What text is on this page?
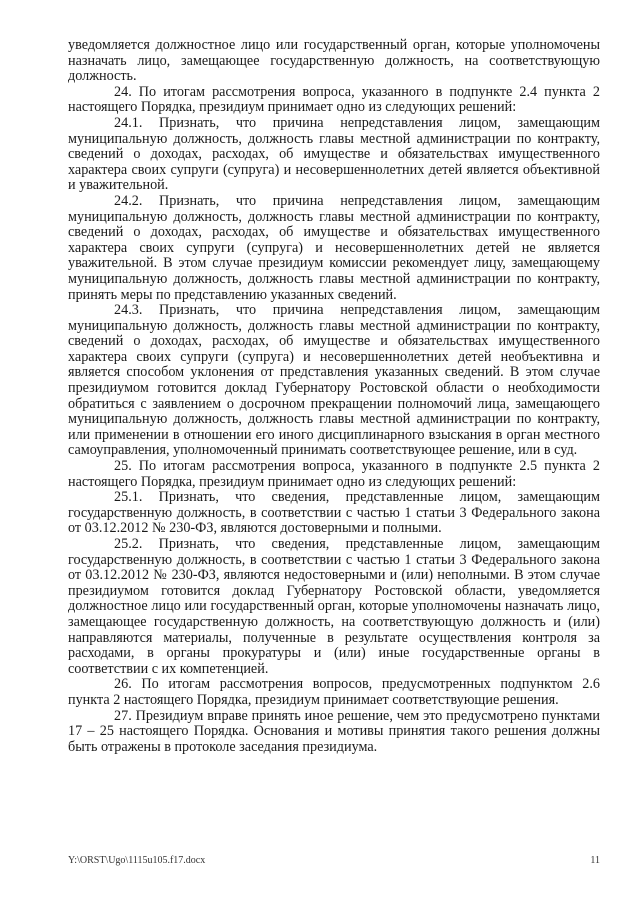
уведомляется должностное лицо или государственный орган, которые уполномочены назначать лицо, замещающее государственную должность, на соответствующую должность.

24. По итогам рассмотрения вопроса, указанного в подпункте 2.4 пункта 2 настоящего Порядка, президиум принимает одно из следующих решений:

24.1. Признать, что причина непредставления лицом, замещающим муниципальную должность, должность главы местной администрации по контракту, сведений о доходах, расходах, об имуществе и обязательствах имущественного характера своих супруги (супруга) и несовершеннолетних детей является объективной и уважительной.

24.2. Признать, что причина непредставления лицом, замещающим муниципальную должность, должность главы местной администрации по контракту, сведений о доходах, расходах, об имуществе и обязательствах имущественного характера своих супруги (супруга) и несовершеннолетних детей не является уважительной. В этом случае президиум комиссии рекомендует лицу, замещающему муниципальную должность, должность главы местной администрации по контракту, принять меры по представлению указанных сведений.

24.3. Признать, что причина непредставления лицом, замещающим муниципальную должность, должность главы местной администрации по контракту, сведений о доходах, расходах, об имуществе и обязательствах имущественного характера своих супруги (супруга) и несовершеннолетних детей необъективна и является способом уклонения от представления указанных сведений. В этом случае президиумом готовится доклад Губернатору Ростовской области о необходимости обратиться с заявлением о досрочном прекращении полномочий лица, замещающего муниципальную должность, должность главы местной администрации по контракту, или применении в отношении его иного дисциплинарного взыскания в орган местного самоуправления, уполномоченный принимать соответствующее решение, или в суд.

25. По итогам рассмотрения вопроса, указанного в подпункте 2.5 пункта 2 настоящего Порядка, президиум принимает одно из следующих решений:

25.1. Признать, что сведения, представленные лицом, замещающим государственную должность, в соответствии с частью 1 статьи 3 Федерального закона от 03.12.2012 № 230-ФЗ, являются достоверными и полными.

25.2. Признать, что сведения, представленные лицом, замещающим государственную должность, в соответствии с частью 1 статьи 3 Федерального закона от 03.12.2012 № 230-ФЗ, являются недостоверными и (или) неполными. В этом случае президиумом готовится доклад Губернатору Ростовской области, уведомляется должностное лицо или государственный орган, которые уполномочены назначать лицо, замещающее государственную должность, на соответствующую должность и (или) направляются материалы, полученные в результате осуществления контроля за расходами, в органы прокуратуры и (или) иные государственные органы в соответствии с их компетенцией.

26. По итогам рассмотрения вопросов, предусмотренных подпунктом 2.6 пункта 2 настоящего Порядка, президиум принимает соответствующие решения.

27. Президиум вправе принять иное решение, чем это предусмотрено пунктами 17 – 25 настоящего Порядка. Основания и мотивы принятия такого решения должны быть отражены в протоколе заседания президиума.

Y:\ORST\Ugo\1115u105.f17.docx	11
